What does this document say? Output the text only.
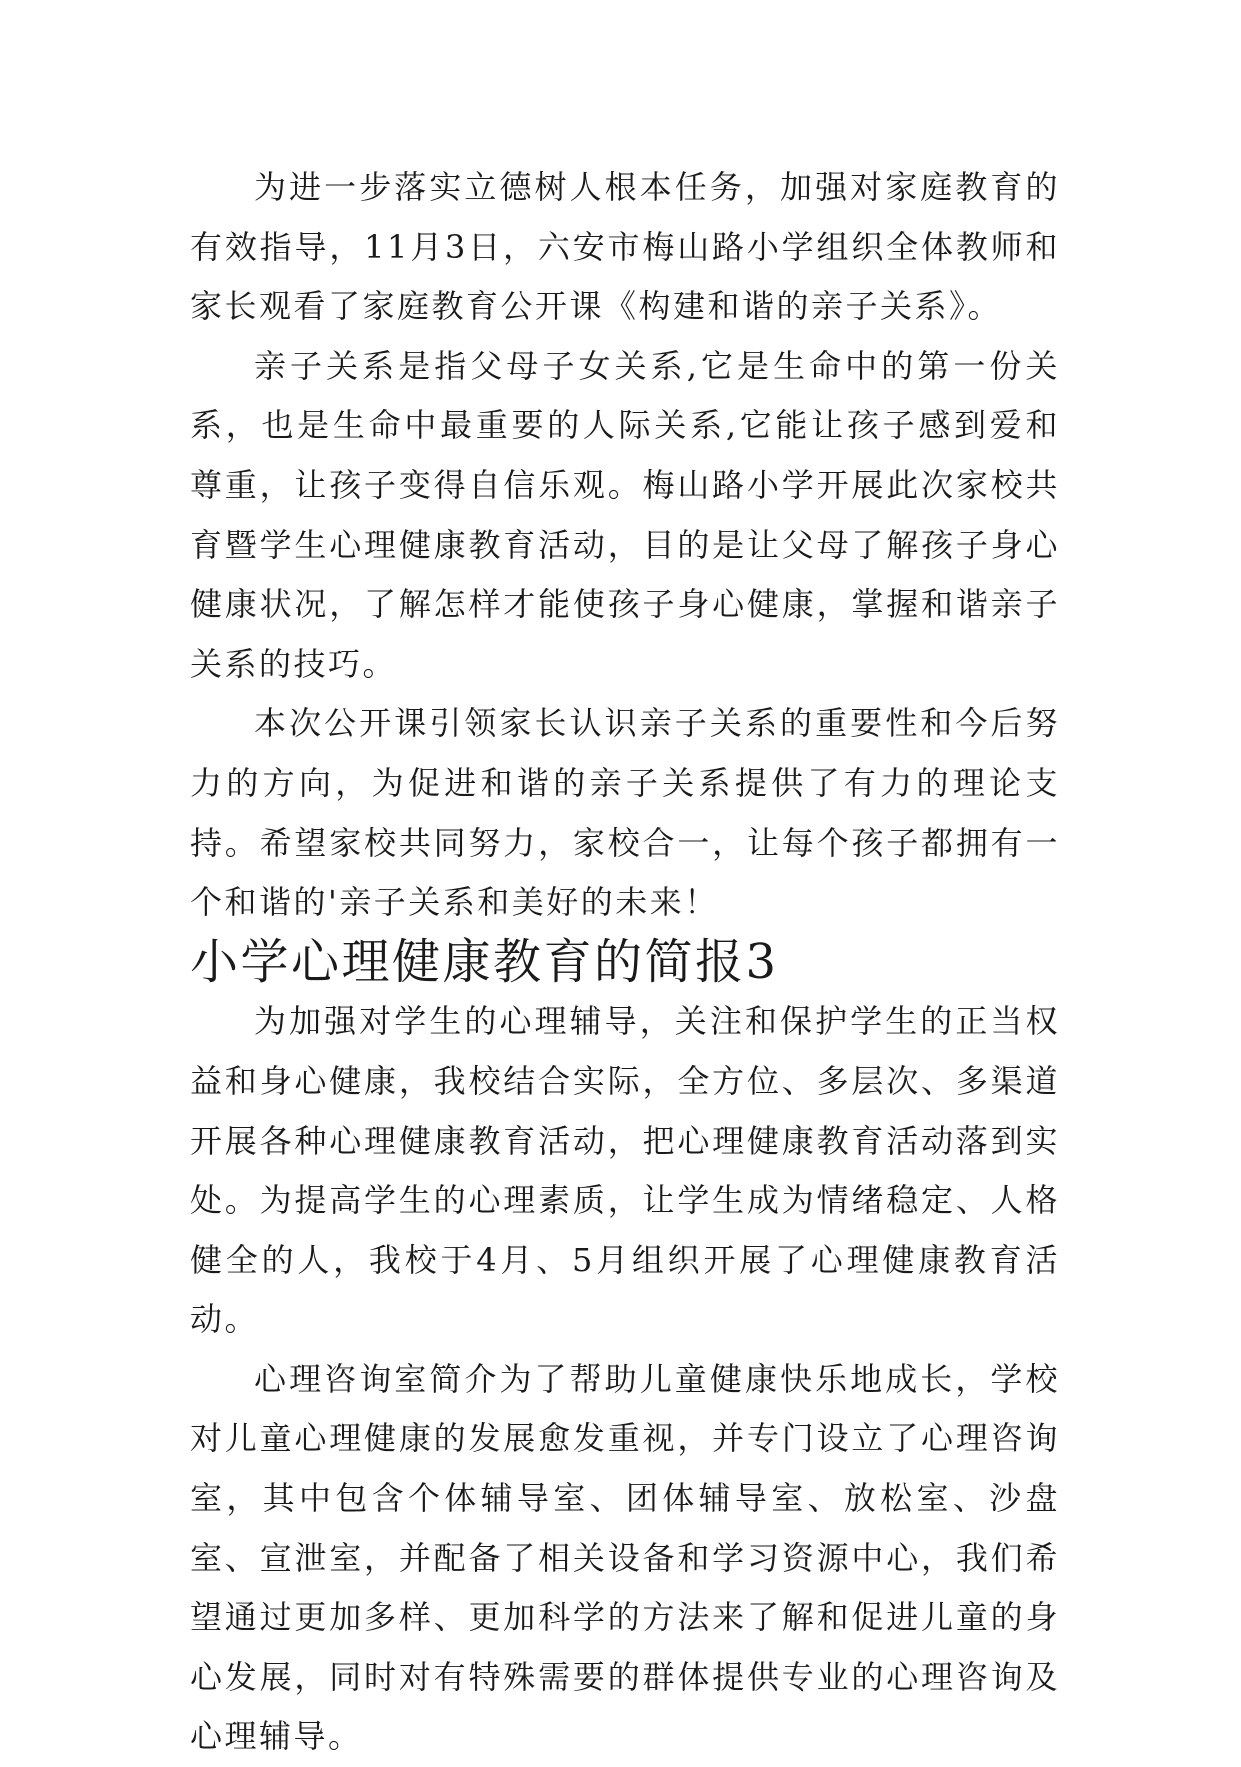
为进一步落实立德树人根本任务，加强对家庭教育的有效指导，11月3日，六安市梅山路小学组织全体教师和家长观看了家庭教育公开课《构建和谐的亲子关系》。

亲子关系是指父母子女关系,它是生命中的第一份关系，也是生命中最重要的人际关系,它能让孩子感到爱和尊重，让孩子变得自信乐观。梅山路小学开展此次家校共育暨学生心理健康教育活动，目的是让父母了解孩子身心健康状况，了解怎样才能使孩子身心健康，掌握和谐亲子关系的技巧。

本次公开课引领家长认识亲子关系的重要性和今后努力的方向，为促进和谐的亲子关系提供了有力的理论支持。希望家校共同努力，家校合一，让每个孩子都拥有一个和谐的'亲子关系和美好的未来！

小学心理健康教育的简报3

为加强对学生的心理辅导，关注和保护学生的正当权益和身心健康，我校结合实际，全方位、多层次、多渠道开展各种心理健康教育活动，把心理健康教育活动落到实处。为提高学生的心理素质，让学生成为情绪稳定、人格健全的人，我校于4月、5月组织开展了心理健康教育活动。

心理咨询室简介为了帮助儿童健康快乐地成长，学校对儿童心理健康的发展愈发重视，并专门设立了心理咨询室，其中包含个体辅导室、团体辅导室、放松室、沙盘室、宣泄室，并配备了相关设备和学习资源中心，我们希望通过更加多样、更加科学的方法来了解和促进儿童的身心发展，同时对有特殊需要的群体提供专业的心理咨询及心理辅导。
